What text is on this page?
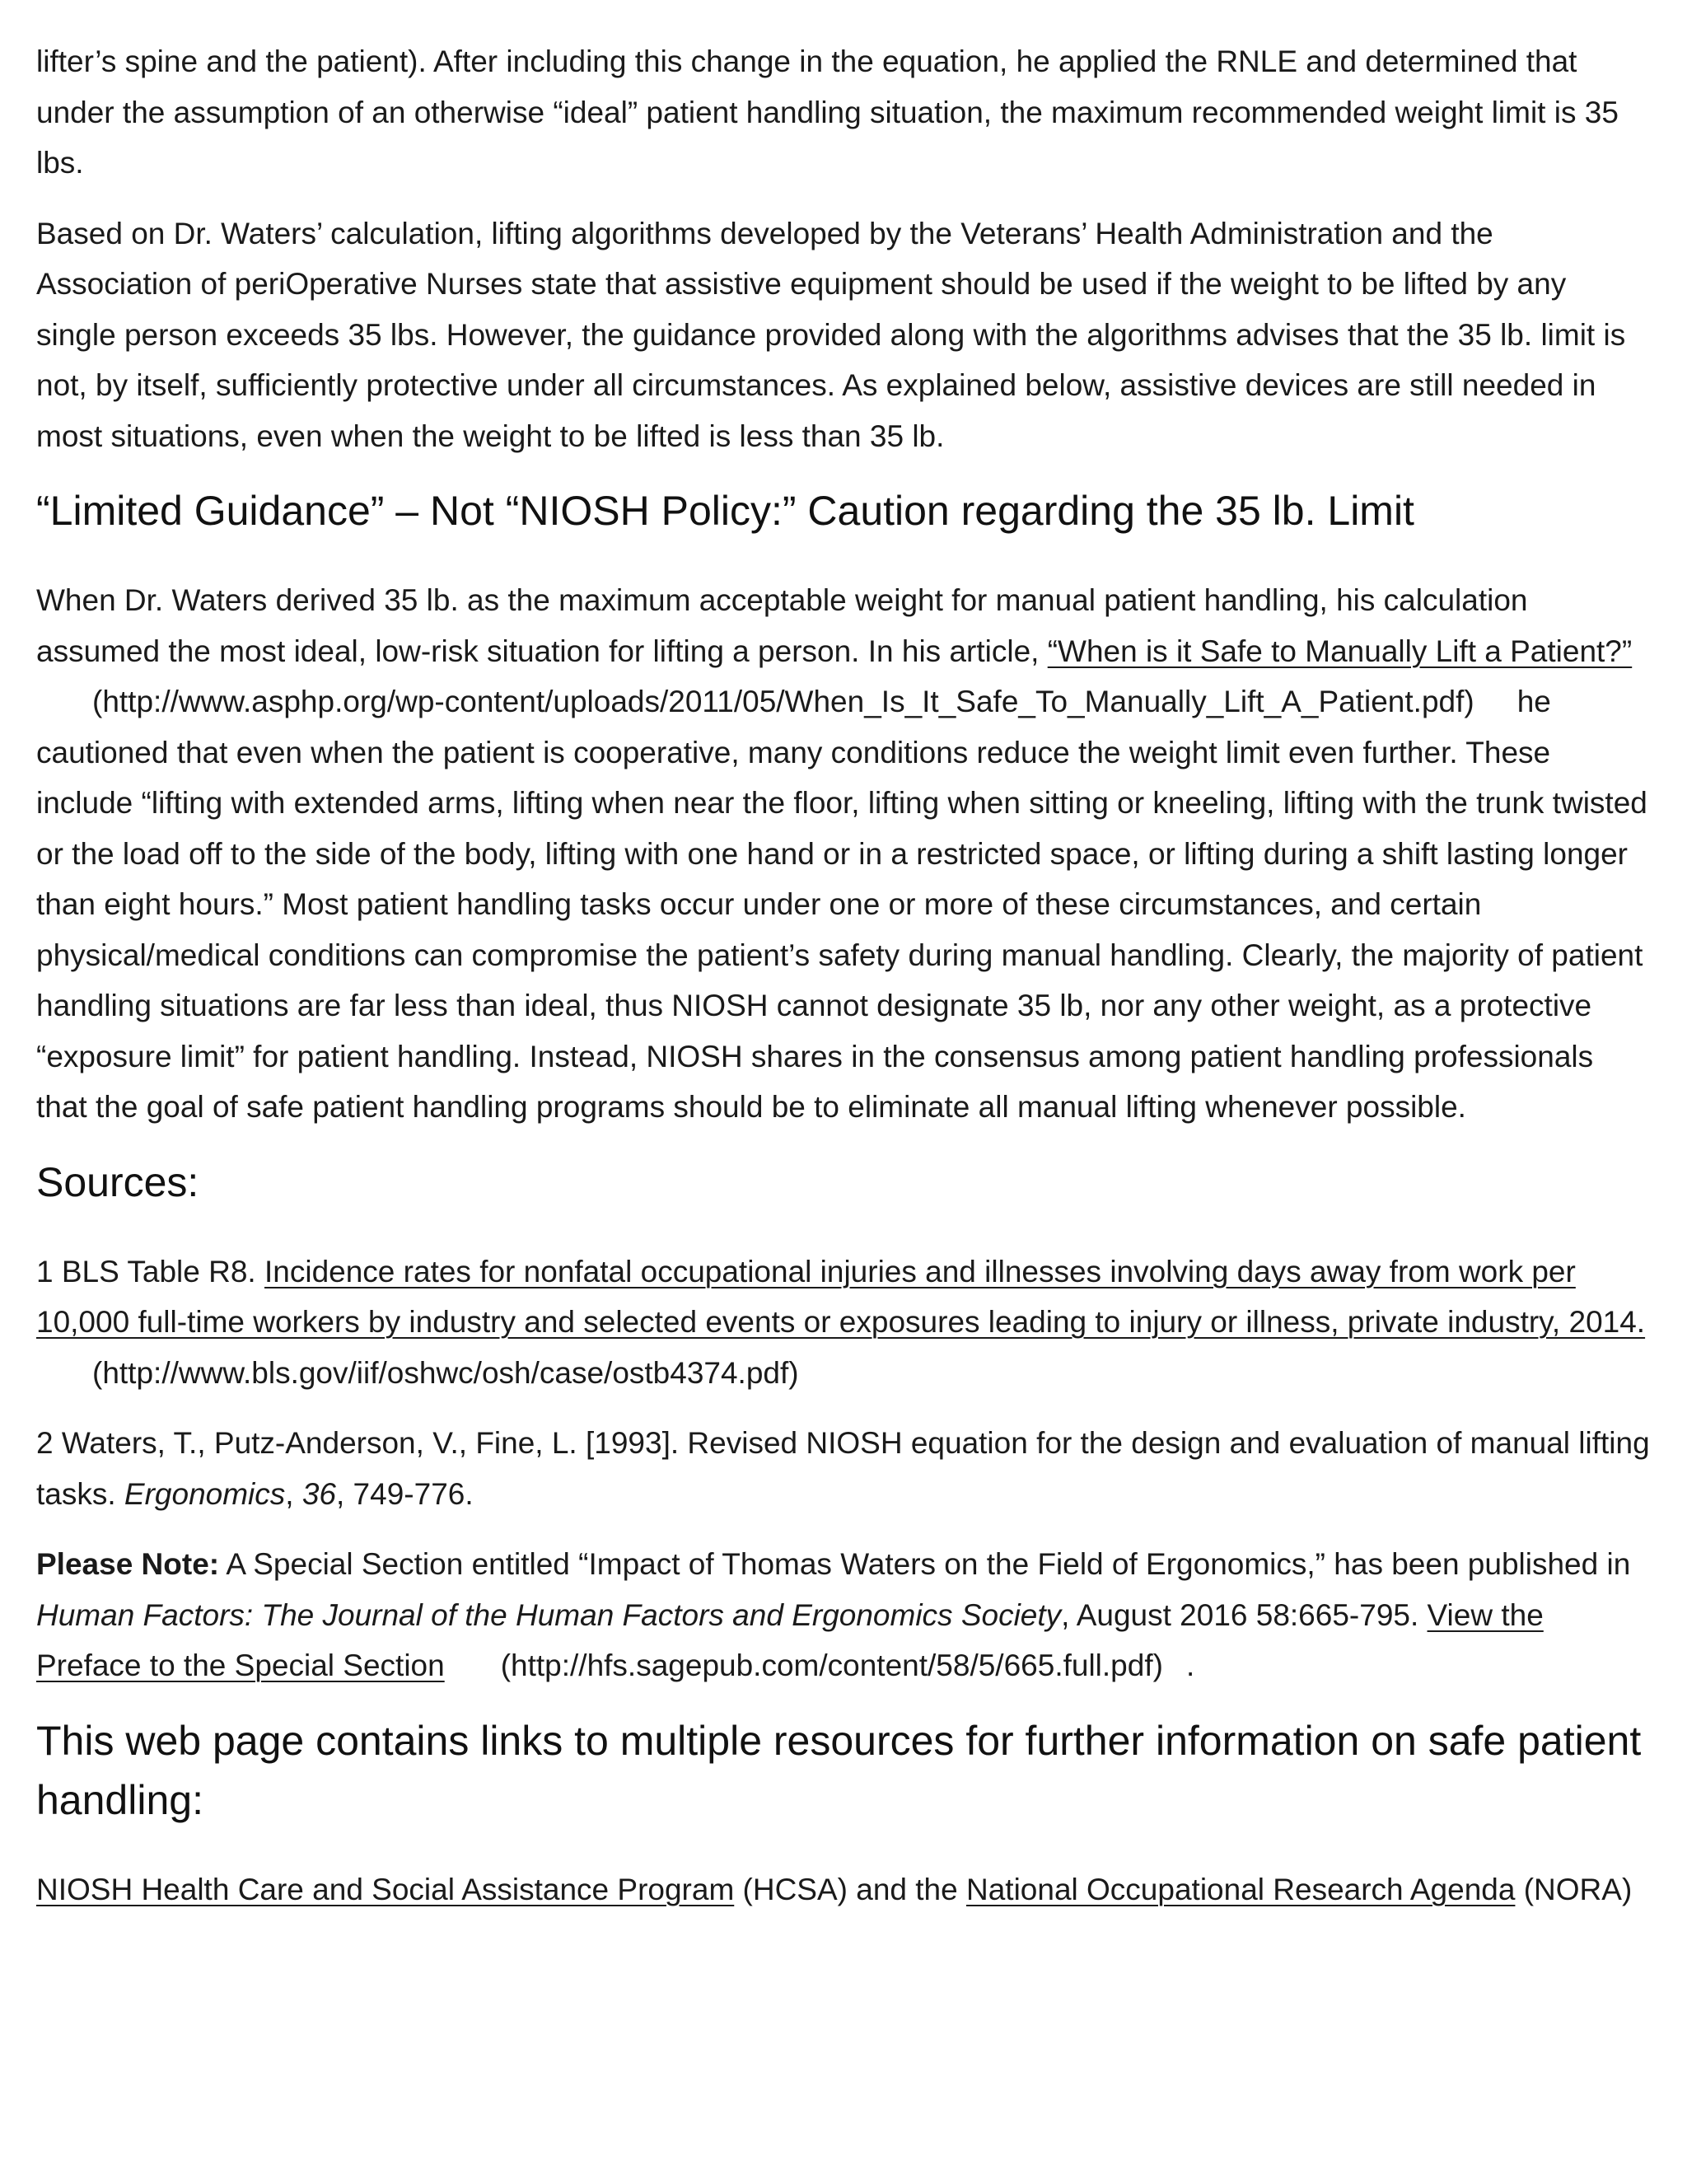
lifter’s spine and the patient). After including this change in the equation, he applied the RNLE and determined that under the assumption of an otherwise “ideal” patient handling situation, the maximum recommended weight limit is 35 lbs.

Based on Dr. Waters’ calculation, lifting algorithms developed by the Veterans’ Health Administration and the Association of periOperative Nurses state that assistive equipment should be used if the weight to be lifted by any single person exceeds 35 lbs. However, the guidance provided along with the algorithms advises that the 35 lb. limit is not, by itself, sufficiently protective under all circumstances. As explained below, assistive devices are still needed in most situations, even when the weight to be lifted is less than 35 lb.

“Limited Guidance” – Not “NIOSH Policy:” Caution regarding the 35 lb. Limit

When Dr. Waters derived 35 lb. as the maximum acceptable weight for manual patient handling, his calculation assumed the most ideal, low-risk situation for lifting a person. In his article, “When is it Safe to Manually Lift a Patient?”(http://www.asphp.org/wp-content/uploads/2011/05/When_Is_It_Safe_To_Manually_Lift_A_Patient.pdf) he cautioned that even when the patient is cooperative, many conditions reduce the weight limit even further. These include “lifting with extended arms, lifting when near the floor, lifting when sitting or kneeling, lifting with the trunk twisted or the load off to the side of the body, lifting with one hand or in a restricted space, or lifting during a shift lasting longer than eight hours.” Most patient handling tasks occur under one or more of these circumstances, and certain physical/medical conditions can compromise the patient’s safety during manual handling. Clearly, the majority of patient handling situations are far less than ideal, thus NIOSH cannot designate 35 lb, nor any other weight, as a protective “exposure limit” for patient handling. Instead, NIOSH shares in the consensus among patient handling professionals that the goal of safe patient handling programs should be to eliminate all manual lifting whenever possible.

Sources:

1 BLS Table R8. Incidence rates for nonfatal occupational injuries and illnesses involving days away from work per 10,000 full-time workers by industry and selected events or exposures leading to injury or illness, private industry, 2014.(http://www.bls.gov/iif/oshwc/osh/case/ostb4374.pdf)

2 Waters, T., Putz-Anderson, V., Fine, L. [1993]. Revised NIOSH equation for the design and evaluation of manual lifting tasks. Ergonomics, 36, 749-776.

Please Note: A Special Section entitled “Impact of Thomas Waters on the Field of Ergonomics,” has been published in Human Factors: The Journal of the Human Factors and Ergonomics Society, August 2016 58:665-795. View the Preface to the Special Section (http://hfs.sagepub.com/content/58/5/665.full.pdf) .

This web page contains links to multiple resources for further information on safe patient handling:

NIOSH Health Care and Social Assistance Program (HCSA) and the National Occupational Research Agenda (NORA)
